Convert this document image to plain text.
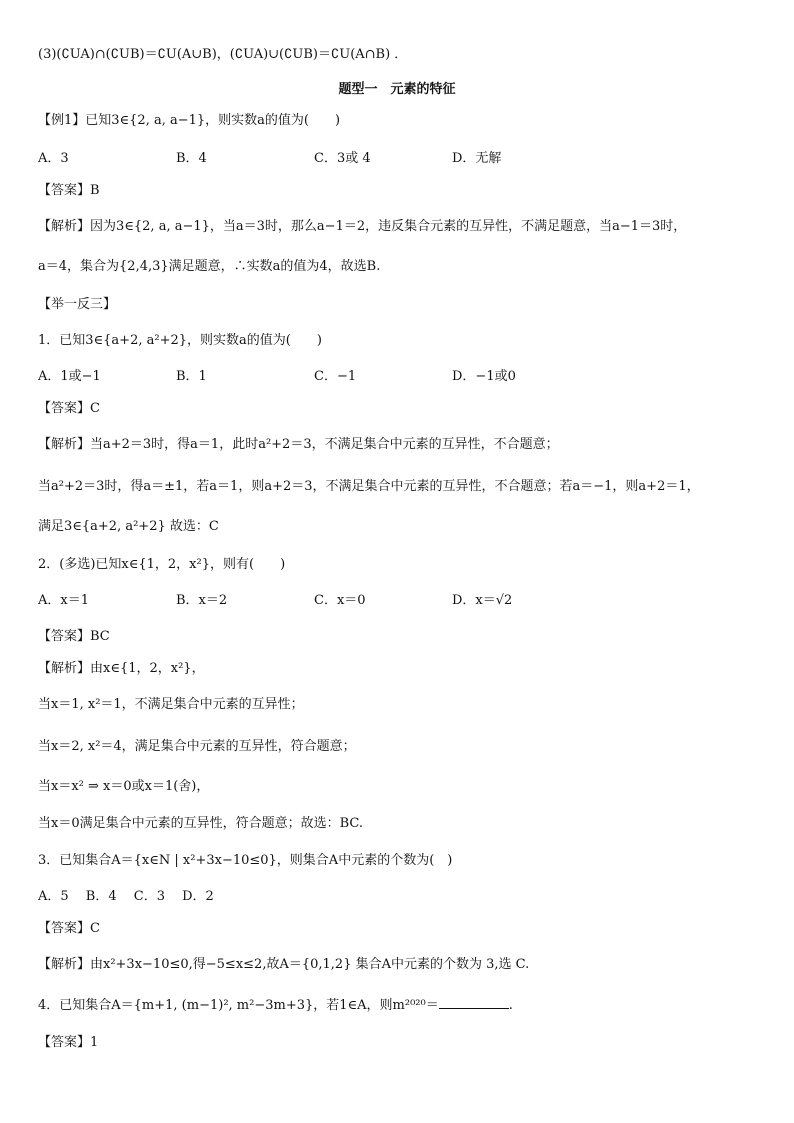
(3)(∁UA)∩(∁UB)＝∁U(A∪B)，(∁UA)∪(∁UB)＝∁U(A∩B) ．
题型一　元素的特征
【例1】已知3∈{2, a, a−1}，则实数a的值为(　　)
A．3	B．4	C．3或 4	D．无解
【答案】B
【解析】因为3∈{2, a, a−1}，当a＝3时，那么a−1＝2，违反集合元素的互异性，不满足题意，当a−1＝3时，
a＝4，集合为{2,4,3}满足题意，∴实数a的值为4，故选B.
【举一反三】
1．已知3∈{a+2, a²+2}，则实数a的值为(　　)
A．1或−1	B．1	C．−1	D．−1或0
【答案】C
【解析】当a+2＝3时，得a＝1，此时a²+2＝3，不满足集合中元素的互异性，不合题意；
当a²+2＝3时，得a＝±1，若a＝1，则a+2＝3，不满足集合中元素的互异性，不合题意；若a＝−1，则a+2＝1，
满足3∈{a+2, a²+2} 故选：C
2．(多选)已知x∈{1，2，x²}，则有(　　)
A．x＝1	B．x＝2	C．x＝0	D．x＝√2
【答案】BC
【解析】由x∈{1，2，x²}，
当x＝1, x²＝1，不满足集合中元素的互异性；
当x＝2, x²＝4，满足集合中元素的互异性，符合题意；
当x＝x² ⇒ x＝0或x＝1(舍)，
当x＝0满足集合中元素的互异性，符合题意；故选：BC.
3．已知集合A＝{x∈N | x²+3x−10≤0}，则集合A中元素的个数为(　)
A．5　 B．4　 C．3　 D．2
【答案】C
【解析】由x²+3x−10≤0,得−5≤x≤2,故A＝{0,1,2} 集合A中元素的个数为 3,选 C.
4．已知集合A＝{m+1, (m−1)², m²−3m+3}，若1∈A，则m²⁰²⁰＝	.
【答案】1
